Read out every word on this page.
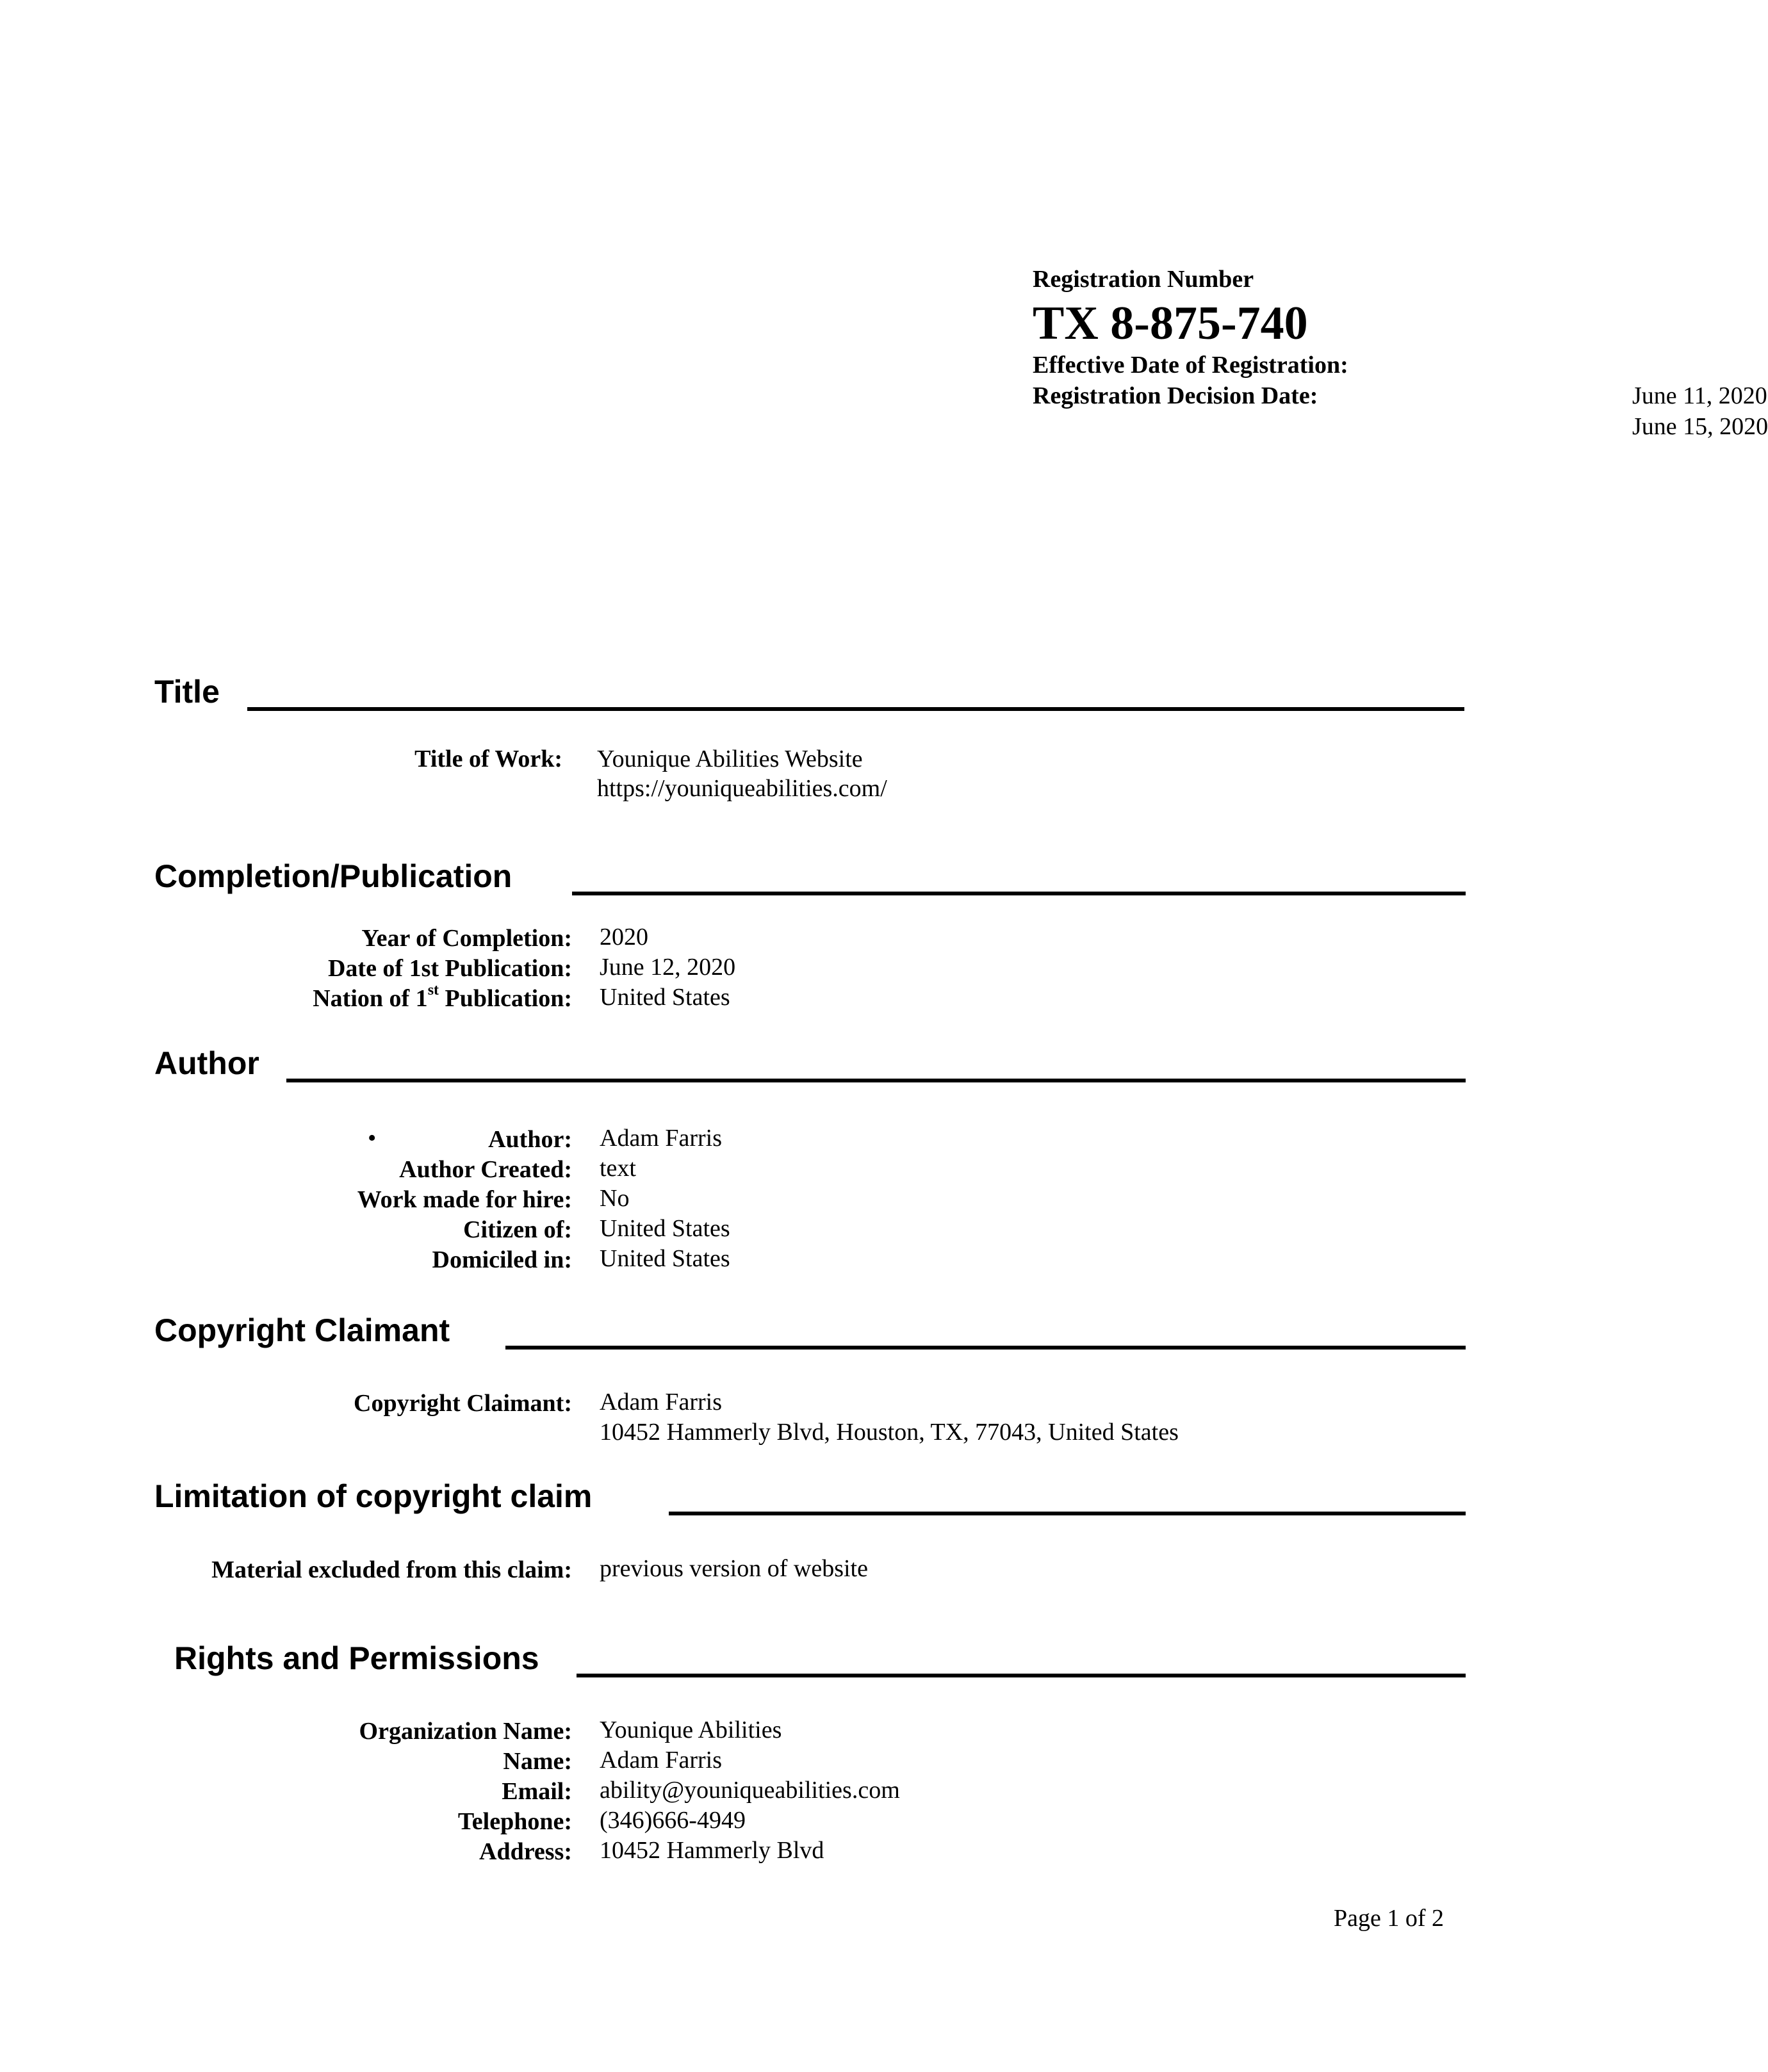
Registration Number
TX 8-875-740
Effective Date of Registration:
June 11, 2020
Registration Decision Date:
June 15, 2020
Title
Title of Work: Younique Abilities Website
https://youniqueabilities.com/
Completion/Publication
Year of Completion: 2020
Date of 1st Publication: June 12, 2020
Nation of 1st Publication: United States
Author
•	Author: Adam Farris
Author Created: text
Work made for hire: No
Citizen of: United States
Domiciled in: United States
Copyright Claimant
Copyright Claimant: Adam Farris
10452 Hammerly Blvd, Houston, TX, 77043, United States
Limitation of copyright claim
Material excluded from this claim: previous version of website
Rights and Permissions
Organization Name: Younique Abilities
Name: Adam Farris
Email: ability@youniqueabilities.com
Telephone: (346)666-4949
Address: 10452 Hammerly Blvd
Page 1 of 2
